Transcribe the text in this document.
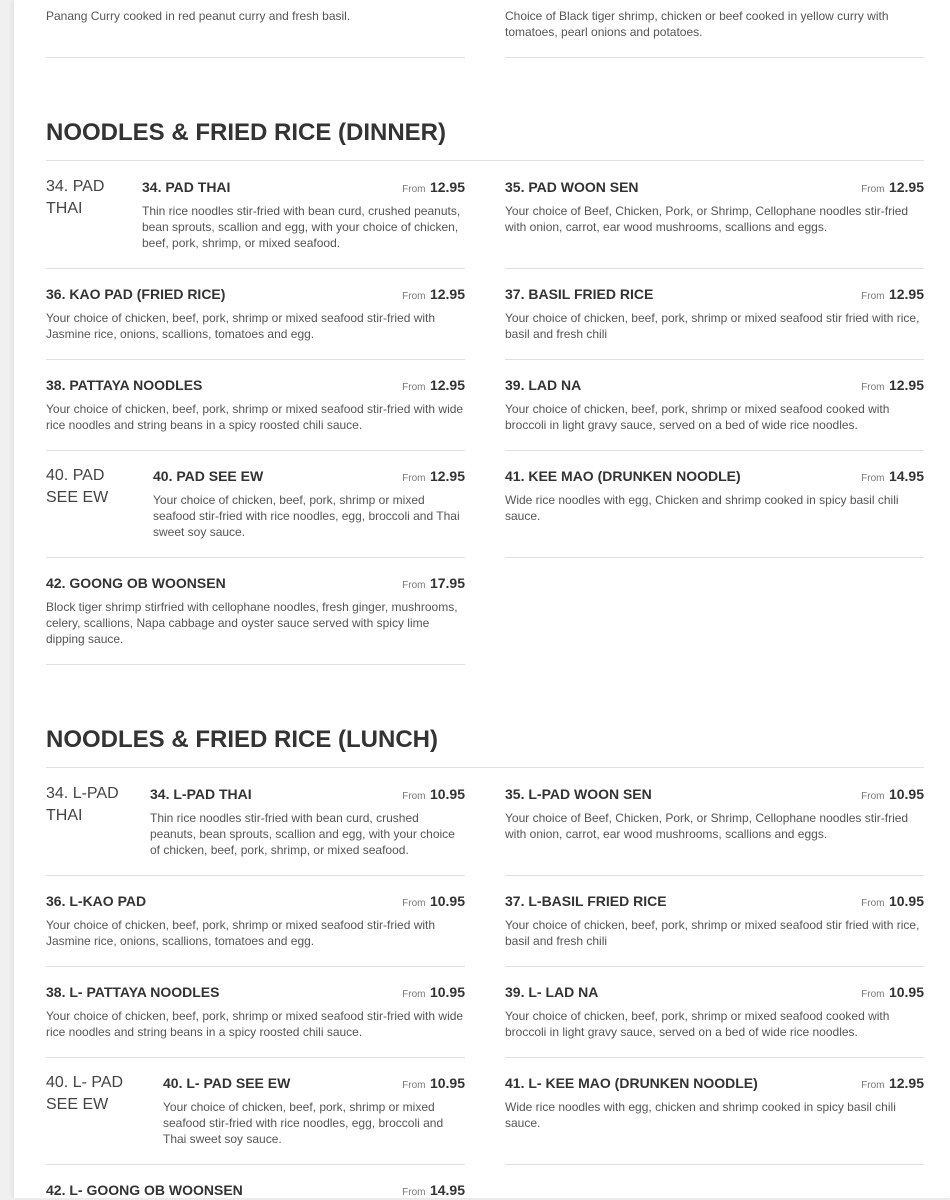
Panang Curry cooked in red peanut curry and fresh basil.	Choice of Black tiger shrimp, chicken or beef cooked in yellow curry with tomatoes, pearl onions and potatoes.
NOODLES & FRIED RICE (DINNER)
34. PAD THAI
34. PAD THAI	From 12.95
Thin rice noodles stir-fried with bean curd, crushed peanuts, bean sprouts, scallion and egg, with your choice of chicken, beef, pork, shrimp, or mixed seafood.
35. PAD WOON SEN	From 12.95
Your choice of Beef, Chicken, Pork, or Shrimp, Cellophane noodles stir-fried with onion, carrot, ear wood mushrooms, scallions and eggs.
36. KAO PAD (FRIED RICE)	From 12.95
Your choice of chicken, beef, pork, shrimp or mixed seafood stir-fried with Jasmine rice, onions, scallions, tomatoes and egg.
37. BASIL FRIED RICE	From 12.95
Your choice of chicken, beef, pork, shrimp or mixed seafood stir fried with rice, basil and fresh chili
38. PATTAYA NOODLES	From 12.95
Your choice of chicken, beef, pork, shrimp or mixed seafood stir-fried with wide rice noodles and string beans in a spicy roosted chili sauce.
39. LAD NA	From 12.95
Your choice of chicken, beef, pork, shrimp or mixed seafood cooked with broccoli in light gravy sauce, served on a bed of wide rice noodles.
40. PAD SEE EW
40. PAD SEE EW	From 12.95
Your choice of chicken, beef, pork, shrimp or mixed seafood stir-fried with rice noodles, egg, broccoli and Thai sweet soy sauce.
41. KEE MAO (DRUNKEN NOODLE)	From 14.95
Wide rice noodles with egg, Chicken and shrimp cooked in spicy basil chili sauce.
42. GOONG OB WOONSEN	From 17.95
Block tiger shrimp stirfried with cellophane noodles, fresh ginger, mushrooms, celery, scallions, Napa cabbage and oyster sauce served with spicy lime dipping sauce.
NOODLES & FRIED RICE (LUNCH)
34. L-PAD THAI
34. L-PAD THAI	From 10.95
Thin rice noodles stir-fried with bean curd, crushed peanuts, bean sprouts, scallion and egg, with your choice of chicken, beef, pork, shrimp, or mixed seafood.
35. L-PAD WOON SEN	From 10.95
Your choice of Beef, Chicken, Pork, or Shrimp, Cellophane noodles stir-fried with onion, carrot, ear wood mushrooms, scallions and eggs.
36. L-KAO PAD	From 10.95
Your choice of chicken, beef, pork, shrimp or mixed seafood stir-fried with Jasmine rice, onions, scallions, tomatoes and egg.
37. L-BASIL FRIED RICE	From 10.95
Your choice of chicken, beef, pork, shrimp or mixed seafood stir fried with rice, basil and fresh chili
38. L- PATTAYA NOODLES	From 10.95
Your choice of chicken, beef, pork, shrimp or mixed seafood stir-fried with wide rice noodles and string beans in a spicy roosted chili sauce.
39. L- LAD NA	From 10.95
Your choice of chicken, beef, pork, shrimp or mixed seafood cooked with broccoli in light gravy sauce, served on a bed of wide rice noodles.
40. L- PAD SEE EW
40. L- PAD SEE EW	From 10.95
Your choice of chicken, beef, pork, shrimp or mixed seafood stir-fried with rice noodles, egg, broccoli and Thai sweet soy sauce.
41. L- KEE MAO (DRUNKEN NOODLE)	From 12.95
Wide rice noodles with egg, chicken and shrimp cooked in spicy basil chili sauce.
42. L- GOONG OB WOONSEN	From 14.95
